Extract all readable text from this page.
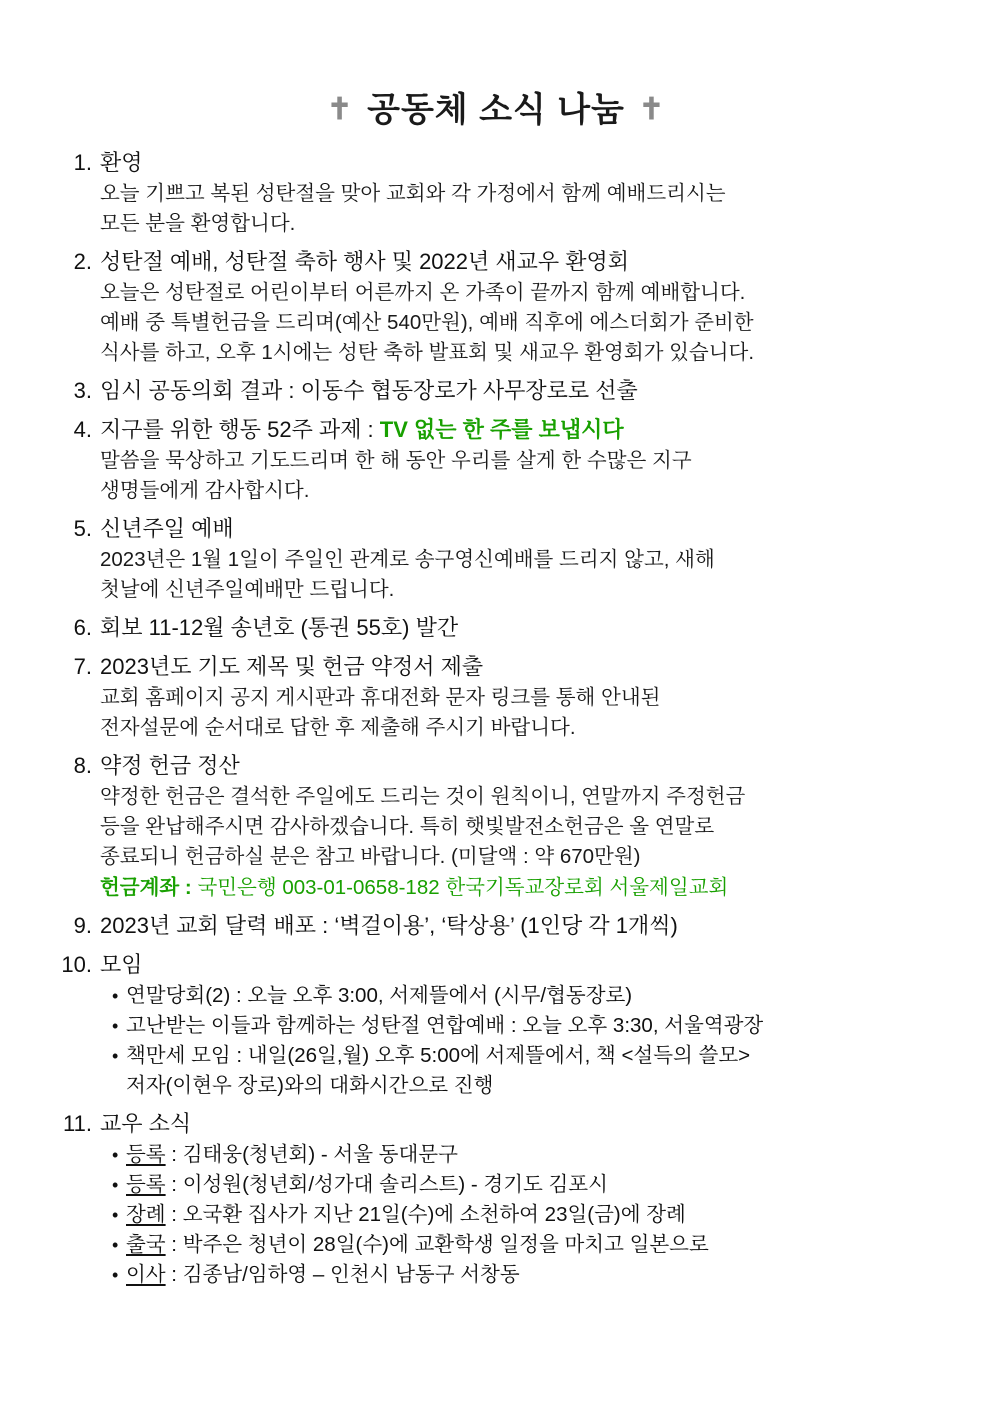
✝ 공동체 소식 나눔 ✝
1. 환영
오늘 기쁘고 복된 성탄절을 맞아 교회와 각 가정에서 함께 예배드리시는
모든 분을 환영합니다.
2. 성탄절 예배, 성탄절 축하 행사 및 2022년 새교우 환영회
오늘은 성탄절로 어린이부터 어른까지 온 가족이 끝까지 함께 예배합니다.
예배 중 특별헌금을 드리며(예산 540만원), 예배 직후에 에스더회가 준비한
식사를 하고, 오후 1시에는 성탄 축하 발표회 및 새교우 환영회가 있습니다.
3. 임시 공동의회 결과 : 이동수 협동장로가 사무장로로 선출
4. 지구를 위한 행동 52주 과제 : TV 없는 한 주를 보냅시다
말씀을 묵상하고 기도드리며 한 해 동안 우리를 살게 한 수많은 지구
생명들에게 감사합시다.
5. 신년주일 예배
2023년은 1월 1일이 주일인 관계로 송구영신예배를 드리지 않고, 새해
첫날에 신년주일예배만 드립니다.
6. 회보 11-12월 송년호 (통권 55호) 발간
7. 2023년도 기도 제목 및 헌금 약정서 제출
교회 홈페이지 공지 게시판과 휴대전화 문자 링크를 통해 안내된
전자설문에 순서대로 답한 후 제출해 주시기 바랍니다.
8. 약정 헌금 정산
약정한 헌금은 결석한 주일에도 드리는 것이 원칙이니, 연말까지 주정헌금
등을 완납해주시면 감사하겠습니다. 특히 햇빛발전소헌금은 올 연말로
종료되니 헌금하실 분은 참고 바랍니다. (미달액 : 약 670만원)
헌금계좌 : 국민은행 003-01-0658-182 한국기독교장로회 서울제일교회
9. 2023년 교회 달력 배포 : ‘벽걸이용’, ‘탁상용’ (1인당 각 1개씩)
10. 모임
• 연말당회(2) : 오늘 오후 3:00, 서제뜰에서 (시무/협동장로)
• 고난받는 이들과 함께하는 성탄절 연합예배 : 오늘 오후 3:30, 서울역광장
• 책만세 모임 : 내일(26일,월) 오후 5:00에 서제뜰에서, 책 <설득의 쓸모>
저자(이현우 장로)와의 대화시간으로 진행
11. 교우 소식
• 등록 : 김태웅(청년회) - 서울 동대문구
• 등록 : 이성원(청년회/성가대 솔리스트) - 경기도 김포시
• 장례 : 오국환 집사가 지난 21일(수)에 소천하여 23일(금)에 장례
• 출국 : 박주은 청년이 28일(수)에 교환학생 일정을 마치고 일본으로
• 이사 : 김종남/임하영 – 인천시 남동구 서창동
